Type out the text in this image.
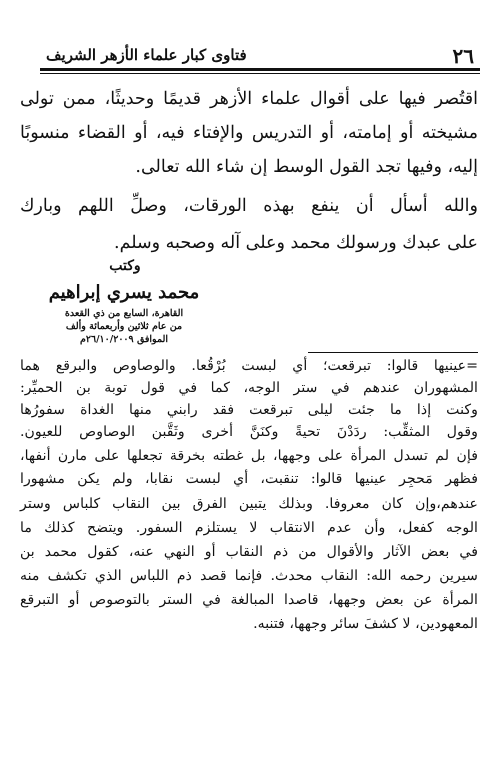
٢٦
فتاوى كبار علماء الأزهر الشريف
اقتُصر فيها على أقوال علماء الأزهر قديمًا وحديثًا، ممن تولى
مشيخته أو إمامته، أو التدريس والإفتاء فيه، أو القضاء منسوبًا
إليه، وفيها تجد القول الوسط إن شاء الله تعالى.
والله أسأل أن ينفع بهذه الورقات، وصلِّ اللهم وبارك
على عبدك ورسولك محمد وعلى آله وصحبه وسلم.
وكتب
محمد يسري إبراهيم
القاهرة، السابع من ذي القعدة
من عام ثلاثين وأربعمائة وألف
الموافق ٢٦/١٠/٢٠٠٩م
=عينيها قالوا: تبرقعت؛ أي لبست بُرْقُعا. والوصاوص والبرقع هما
المشهوران عندهم في ستر الوجه، كما في قول توبة بن الحميِّر:
وكنت إذا ما جئت ليلى تبرقعت فقد رابني منها الغداة سفورُها
وقول المثقِّب: ردَدْنَ تحيةً وكنَنَّ أخرى وثَقَّبن الوصاوص للعيون.
فإن لم تسدل المرأة على وجهها، بل غطته بخرقة تجعلها على مارن أنفها،
فظهر مَحجِر عينيها قالوا: تنقبت، أي لبست نقابا، ولم يكن مشهورا
عندهم،وإن كان معروفا. وبذلك يتبين الفرق بين النقاب كلباس وستر
الوجه كفعل، وأن عدم الانتقاب لا يستلزم السفور. ويتضح كذلك ما
في بعض الآثار والأقوال من ذم النقاب أو النهي عنه، كقول محمد بن
سيرين رحمه الله: النقاب محدث. فإنما قصد ذم اللباس الذي تكشف منه
المرأة عن بعض وجهها، قاصدا المبالغة في الستر بالتوصوص أو التبرقع
المعهودين، لا كشفَ سائر وجهها، فتنبه.
